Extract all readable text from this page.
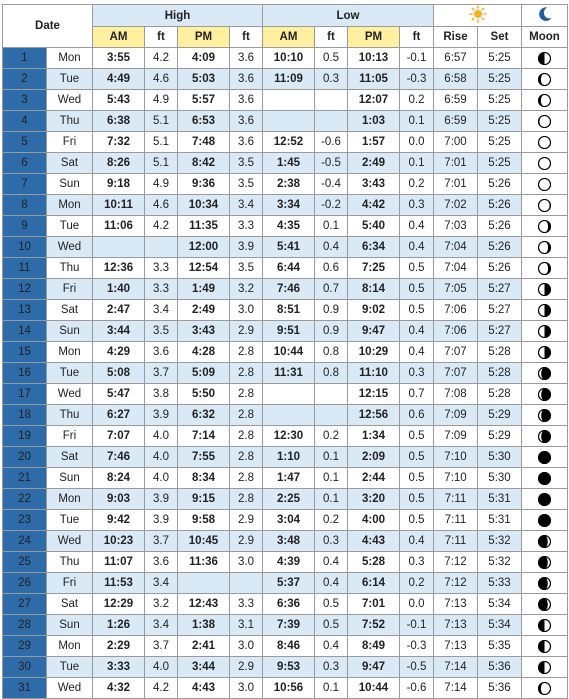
Date		High				Low		
		AM	ft	PM	ft	AM	ft	PM	ft	Rise	Set	Moon
1	Mon	3:55	4.2	4:09	3.6	10:10	0.5	10:13	-0.1	6:57	5:25	
2	Tue	4:49	4.6	5:03	3.6	11:09	0.3	11:05	-0.3	6:58	5:25	
3	Wed	5:43	4.9	5:57	3.6			12:07	0.2	6:59	5:25	
4	Thu	6:38	5.1	6:53	3.6			1:03	0.1	6:59	5:25	
5	Fri	7:32	5.1	7:48	3.6	12:52	-0.6	1:57	0.0	7:00	5:25	
6	Sat	8:26	5.1	8:42	3.5	1:45	-0.5	2:49	0.1	7:01	5:25	
7	Sun	9:18	4.9	9:36	3.5	2:38	-0.4	3:43	0.2	7:01	5:26	
8	Mon	10:11	4.6	10:34	3.4	3:34	-0.2	4:42	0.3	7:02	5:26	
9	Tue	11:06	4.2	11:35	3.3	4:35	0.1	5:40	0.4	7:03	5:26	
10	Wed			12:00	3.9	5:41	0.4	6:34	0.4	7:04	5:26	
11	Thu	12:36	3.3	12:54	3.5	6:44	0.6	7:25	0.5	7:04	5:26	
12	Fri	1:40	3.3	1:49	3.2	7:46	0.7	8:14	0.5	7:05	5:27	
13	Sat	2:47	3.4	2:49	3.0	8:51	0.9	9:02	0.5	7:06	5:27	
14	Sun	3:44	3.5	3:43	2.9	9:51	0.9	9:47	0.4	7:06	5:27	
15	Mon	4:29	3.6	4:28	2.8	10:44	0.8	10:29	0.4	7:07	5:28	
16	Tue	5:08	3.7	5:09	2.8	11:31	0.8	11:10	0.3	7:07	5:28	
17	Wed	5:47	3.8	5:50	2.8			12:15	0.7	7:08	5:28	
18	Thu	6:27	3.9	6:32	2.8			12:56	0.6	7:09	5:29	
19	Fri	7:07	4.0	7:14	2.8	12:30	0.2	1:34	0.5	7:09	5:29	
20	Sat	7:46	4.0	7:55	2.8	1:10	0.1	2:09	0.5	7:10	5:30	
21	Sun	8:24	4.0	8:34	2.8	1:47	0.1	2:44	0.5	7:10	5:30	
22	Mon	9:03	3.9	9:15	2.8	2:25	0.1	3:20	0.5	7:11	5:31	
23	Tue	9:42	3.9	9:58	2.9	3:04	0.2	4:00	0.5	7:11	5:31	
24	Wed	10:23	3.7	10:45	2.9	3:48	0.3	4:43	0.4	7:11	5:32	
25	Thu	11:07	3.6	11:36	3.0	4:39	0.4	5:28	0.3	7:12	5:32	
26	Fri	11:53	3.4			5:37	0.4	6:14	0.2	7:12	5:33	
27	Sat	12:29	3.2	12:43	3.3	6:36	0.5	7:01	0.0	7:13	5:34	
28	Sun	1:26	3.4	1:38	3.1	7:39	0.5	7:52	-0.1	7:13	5:34	
29	Mon	2:29	3.7	2:41	3.0	8:46	0.4	8:49	-0.3	7:13	5:35	
30	Tue	3:33	4.0	3:44	2.9	9:53	0.3	9:47	-0.5	7:14	5:36	
31	Wed	4:32	4.2	4:43	3.0	10:56	0.1	10:44	-0.6	7:14	5:36	
